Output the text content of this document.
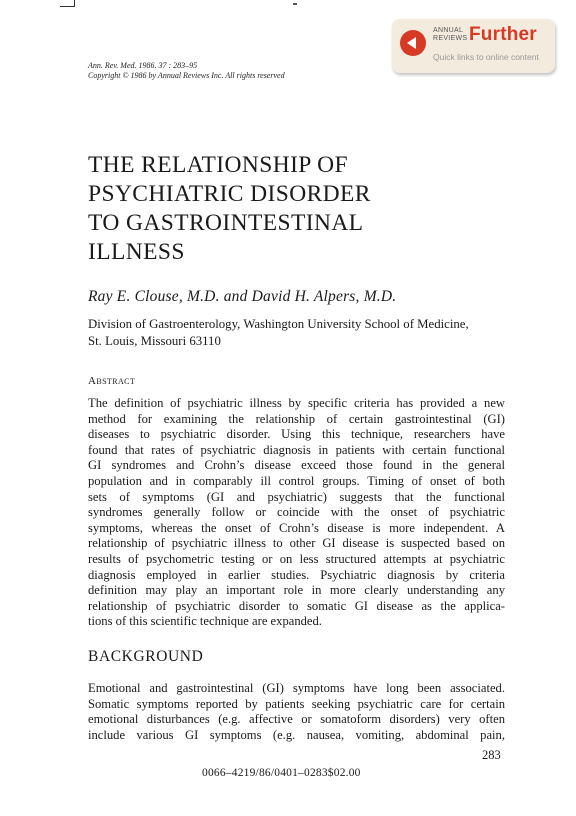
ANNUAL
REVIEWS Further
Quick links to online content
Ann. Rev. Med. 1986. 37 : 283–95
Copyright © 1986 by Annual Reviews Inc. All rights reserved
THE RELATIONSHIP OF
PSYCHIATRIC DISORDER
TO GASTROINTESTINAL
ILLNESS
Ray E. Clouse, M.D. and David H. Alpers, M.D.
Division of Gastroenterology, Washington University School of Medicine,
St. Louis, Missouri 63110
Abstract
The definition of psychiatric illness by specific criteria has provided a new
method for examining the relationship of certain gastrointestinal (GI)
diseases to psychiatric disorder. Using this technique, researchers have
found that rates of psychiatric diagnosis in patients with certain functional
GI syndromes and Crohn’s disease exceed those found in the general
population and in comparably ill control groups. Timing of onset of both
sets of symptoms (GI and psychiatric) suggests that the functional
syndromes generally follow or coincide with the onset of psychiatric
symptoms, whereas the onset of Crohn’s disease is more independent. A
relationship of psychiatric illness to other GI disease is suspected based on
results of psychometric testing or on less structured attempts at psychiatric
diagnosis employed in earlier studies. Psychiatric diagnosis by criteria
definition may play an important role in more clearly understanding any
relationship of psychiatric disorder to somatic GI disease as the applica-
tions of this scientific technique are expanded.
BACKGROUND
Emotional and gastrointestinal (GI) symptoms have long been associated.
Somatic symptoms reported by patients seeking psychiatric care for certain
emotional disturbances (e.g. affective or somatoform disorders) very often
include various GI symptoms (e.g. nausea, vomiting, abdominal pain,
283
0066–4219/86/0401–0283$02.00
